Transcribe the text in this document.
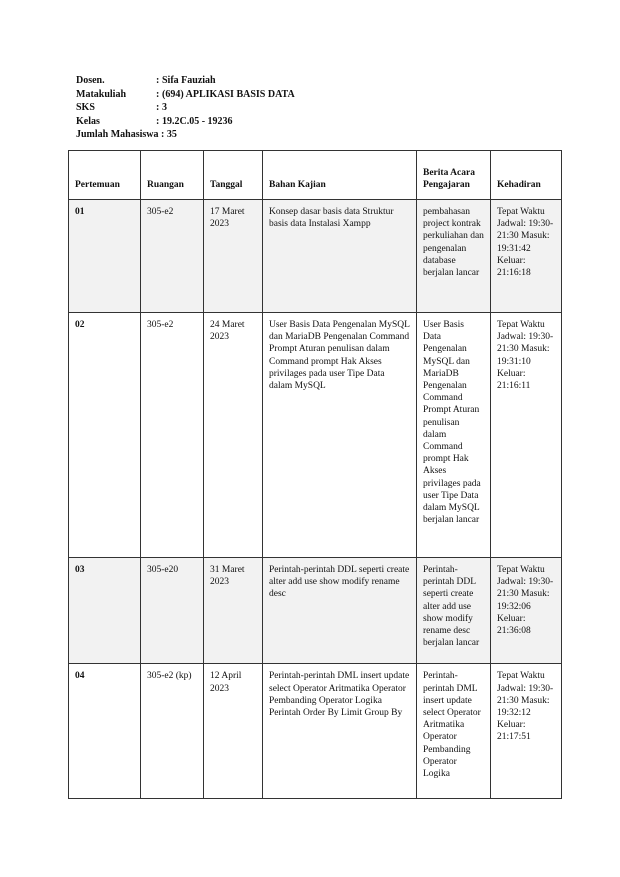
Dosen.	: Sifa Fauziah
Matakuliah	: (694) APLIKASI BASIS DATA
SKS	: 3
Kelas	: 19.2C.05 - 19236
Jumlah Mahasiswa : 35
Pertemuan	Ruangan	Tanggal	Bahan Kajian	Berita Acara Pengajaran	Kehadiran
01	305-e2	17 Maret 2023	Konsep dasar basis data Struktur basis data Instalasi Xampp	pembahasan project kontrak perkuliahan dan pengenalan database berjalan lancar	Tepat Waktu Jadwal: 19:30-21:30 Masuk: 19:31:42 Keluar: 21:16:18
02	305-e2	24 Maret 2023	User Basis Data Pengenalan MySQL dan MariaDB Pengenalan Command Prompt Aturan penulisan dalam Command prompt Hak Akses privilages pada user Tipe Data dalam MySQL	User Basis Data Pengenalan MySQL dan MariaDB Pengenalan Command Prompt Aturan penulisan dalam Command prompt Hak Akses privilages pada user Tipe Data dalam MySQL berjalan lancar	Tepat Waktu Jadwal: 19:30-21:30 Masuk: 19:31:10 Keluar: 21:16:11
03	305-e20	31 Maret 2023	Perintah-perintah DDL seperti create alter add use show modify rename desc	Perintah-perintah DDL seperti create alter add use show modify rename desc berjalan lancar	Tepat Waktu Jadwal: 19:30-21:30 Masuk: 19:32:06 Keluar: 21:36:08
04	305-e2 (kp)	12 April 2023	Perintah-perintah DML insert update select Operator Aritmatika Operator Pembanding Operator Logika Perintah Order By Limit Group By	Perintah-perintah DML insert update select Operator Aritmatika Operator Pembanding Operator Logika	Tepat Waktu Jadwal: 19:30-21:30 Masuk: 19:32:12 Keluar: 21:17:51
